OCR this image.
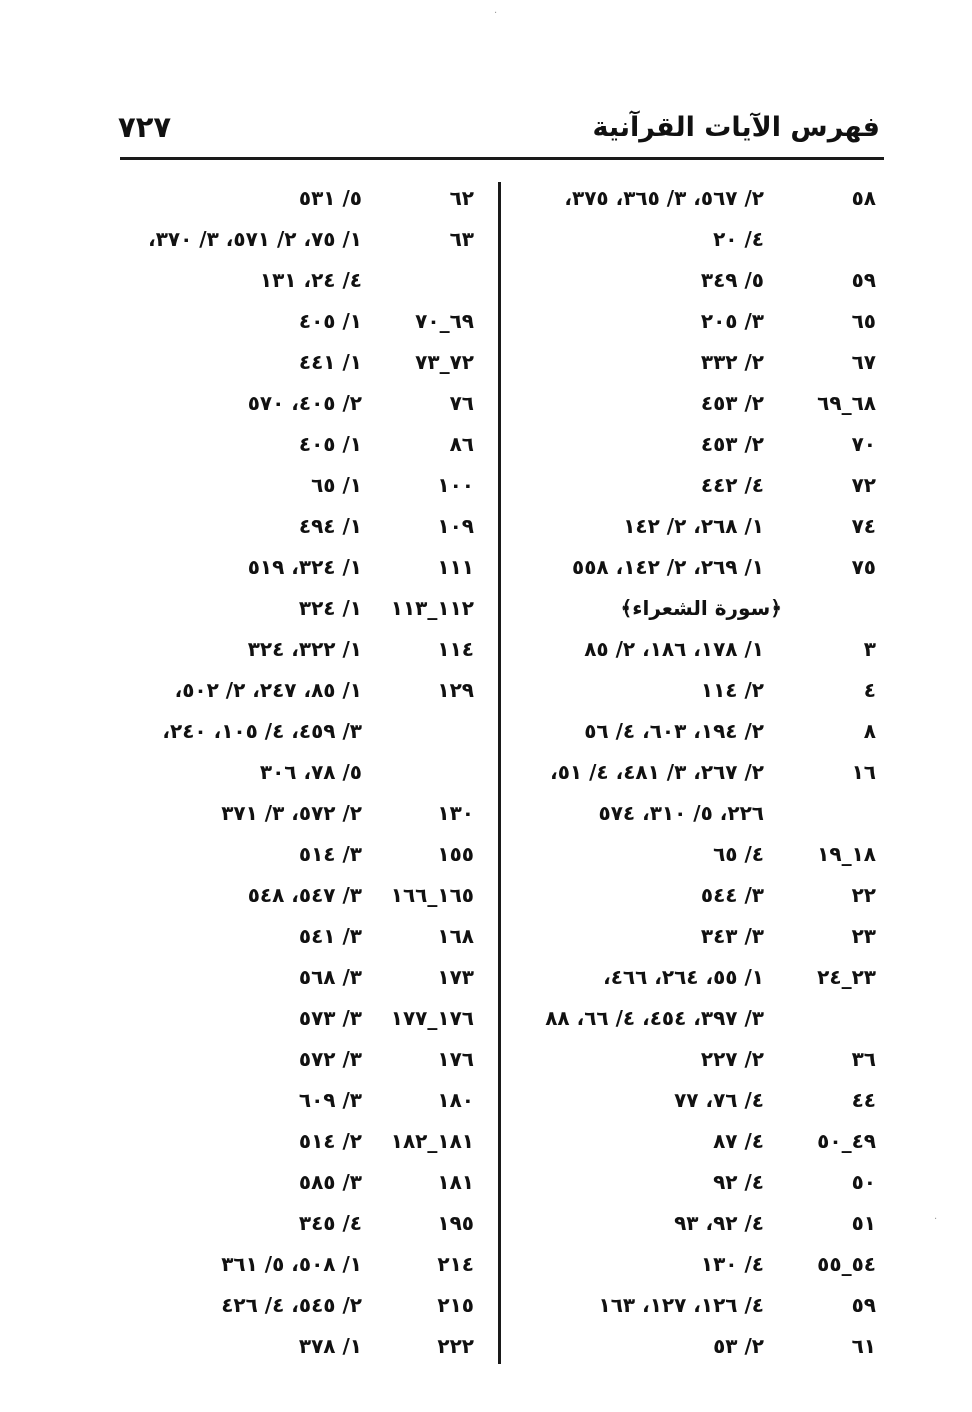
فهرس الآيات القرآنية
٧٢٧
٥٨
٢/ ٥٦٧، ٣/ ٣٦٥، ٣٧٥،
٤/ ٢٠
٥٩
٥/ ٣٤٩
٦٥
٣/ ٢٠٥
٦٧
٢/ ٣٣٢
٦٨_٦٩
٢/ ٤٥٣
٧٠
٢/ ٤٥٣
٧٢
٤/ ٤٤٢
٧٤
١/ ٢٦٨، ٢/ ١٤٢
٧٥
١/ ٢٦٩، ٢/ ١٤٢، ٥٥٨
﴿سورة الشعراء﴾
٣
١/ ١٧٨، ١٨٦، ٢/ ٨٥
٤
٢/ ١١٤
٨
٢/ ١٩٤، ٦٠٣، ٤/ ٥٦
١٦
٢/ ٢٦٧، ٣/ ٤٨١، ٤/ ٥١،
٢٢٦، ٥/ ٣١٠، ٥٧٤
١٨_١٩
٤/ ٦٥
٢٢
٣/ ٥٤٤
٢٣
٣/ ٣٤٣
٢٣_٢٤
١/ ٥٥، ٢٦٤، ٤٦٦،
٣/ ٣٩٧، ٤٥٤، ٤/ ٦٦، ٨٨
٣٦
٢/ ٢٢٧
٤٤
٤/ ٧٦، ٧٧
٤٩_٥٠
٤/ ٨٧
٥٠
٤/ ٩٢
٥١
٤/ ٩٢، ٩٣
٥٤_٥٥
٤/ ١٣٠
٥٩
٤/ ١٢٦، ١٢٧، ١٦٣
٦١
٢/ ٥٣
٦٢
٥/ ٥٣١
٦٣
١/ ٧٥، ٢/ ٥٧١، ٣/ ٣٧٠،
٤/ ٢٤، ١٣١
٦٩_٧٠
١/ ٤٠٥
٧٢_٧٣
١/ ٤٤١
٧٦
٢/ ٤٠٥، ٥٧٠
٨٦
١/ ٤٠٥
١٠٠
١/ ٦٥
١٠٩
١/ ٤٩٤
١١١
١/ ٣٢٤، ٥١٩
١١٢_١١٣
١/ ٣٢٤
١١٤
١/ ٣٢٢، ٣٢٤
١٢٩
١/ ٨٥، ٢٤٧، ٢/ ٥٠٢،
٣/ ٤٥٩، ٤/ ١٠٥، ٢٤٠،
٥/ ٧٨، ٣٠٦
١٣٠
٢/ ٥٧٢، ٣/ ٣٧١
١٥٥
٣/ ٥١٤
١٦٥_١٦٦
٣/ ٥٤٧، ٥٤٨
١٦٨
٣/ ٥٤١
١٧٣
٣/ ٥٦٨
١٧٦_١٧٧
٣/ ٥٧٣
١٧٦
٣/ ٥٧٢
١٨٠
٣/ ٦٠٩
١٨١_١٨٢
٢/ ٥١٤
١٨١
٣/ ٥٨٥
١٩٥
٤/ ٣٤٥
٢١٤
١/ ٥٠٨، ٥/ ٣٦١
٢١٥
٢/ ٥٤٥، ٤/ ٤٢٦
٢٢٢
١/ ٣٧٨
·
·
